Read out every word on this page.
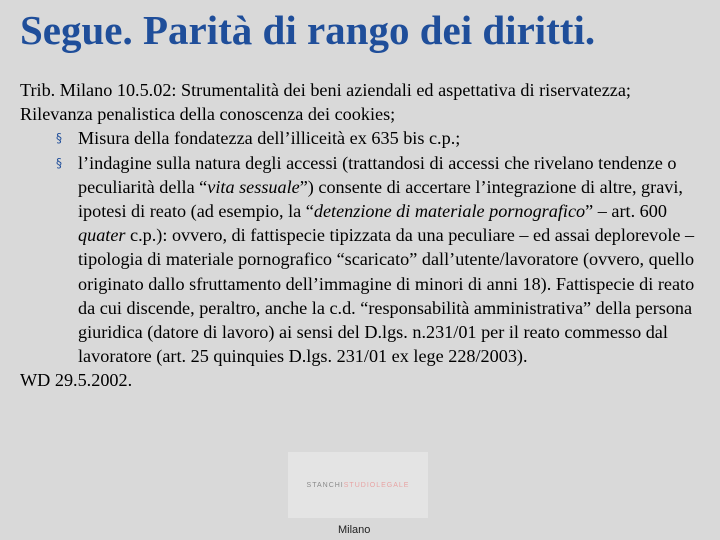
Segue. Parità di rango dei diritti.

Trib. Milano 10.5.02: Strumentalità dei beni aziendali ed aspettativa di riservatezza;

Rilevanza penalistica della conoscenza dei cookies;

§ Misura della fondatezza dell’illiceità ex 635 bis c.p.;
§ l’indagine sulla natura degli accessi (trattandosi di accessi che rivelano tendenze o peculiarità della “vita sessuale”) consente di accertare l’integrazione di altre, gravi, ipotesi di reato (ad esempio, la “detenzione di materiale pornografico” – art. 600 quater c.p.): ovvero, di fattispecie tipizzata da una peculiare – ed assai deplorevole – tipologia di materiale pornografico “scaricato” dall’utente/lavoratore (ovvero, quello originato dallo sfruttamento dell’immagine di minori di anni 18). Fattispecie di reato da cui discende, peraltro, anche la c.d. “responsabilità amministrativa” della persona giuridica (datore di lavoro) ai sensi del D.lgs. n.231/01 per il reato commesso dal lavoratore (art. 25 quinquies D.lgs. 231/01 ex lege 228/2003).

WD 29.5.2002.

STANCHISTUDIOLEGALE
Milano
